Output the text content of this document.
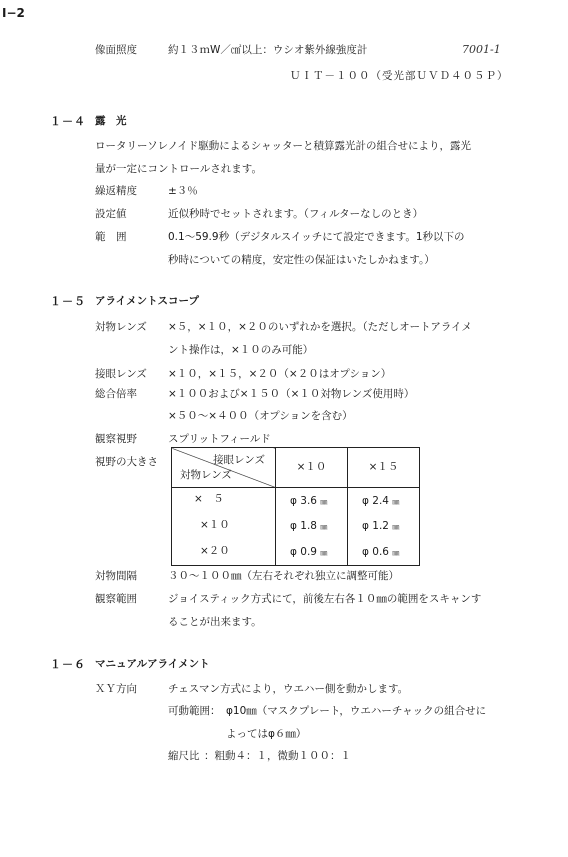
I−2
像面照度	約１３ｍW／㎠以上：ウシオ紫外線強度計	7001-1
ＵＩＴ－１００（受光部ＵＶＤ４０５Ｐ）
１－４ 露　光
ロータリーソレノイド駆動によるシャッターと積算露光計の組合せにより，露光
量が一定にコントロールされます。
繰返精度	±３％
設定値	近似秒時でセットされます。（フィルターなしのとき）
範　囲	0.1～59.9秒（デジタルスイッチにて設定できます。1秒以下の
秒時についての精度，安定性の保証はいたしかねます。）
１－５ アライメントスコープ
対物レンズ ×５，×１０，×２０のいずれかを選択。（ただしオートアライメ
ント操作は，×１０のみ可能）
接眼レンズ ×１０，×１５，×２０（×２０はオプション）
総合倍率	×１００および×１５０（×１０対物レンズ使用時）
×５０～×４００（オプションを含む）
観察視野	スプリットフィールド
視野の大きさ	接眼レンズ
対物レンズ	×１０	×１５

×　５	φ 3.6 ㎜	φ 2.4 ㎜

×１０	φ 1.8 ㎜	φ 1.2 ㎜

×２０	φ 0.9 ㎜	φ 0.6 ㎜
対物間隔	３０～１００㎜（左右それぞれ独立に調整可能）
観察範囲	ジョイスティック方式にて，前後左右各１０㎜の範囲をスキャンす
ることが出来ます。
１－６ マニュアルアライメント
ＸＹ方向	チェスマン方式により，ウエハー側を動かします。
可動範囲： φ10㎜（マスクプレート，ウエハーチャックの組合せに
よってはφ６㎜）
縮尺比 ：粗動４：１，微動１００：１
